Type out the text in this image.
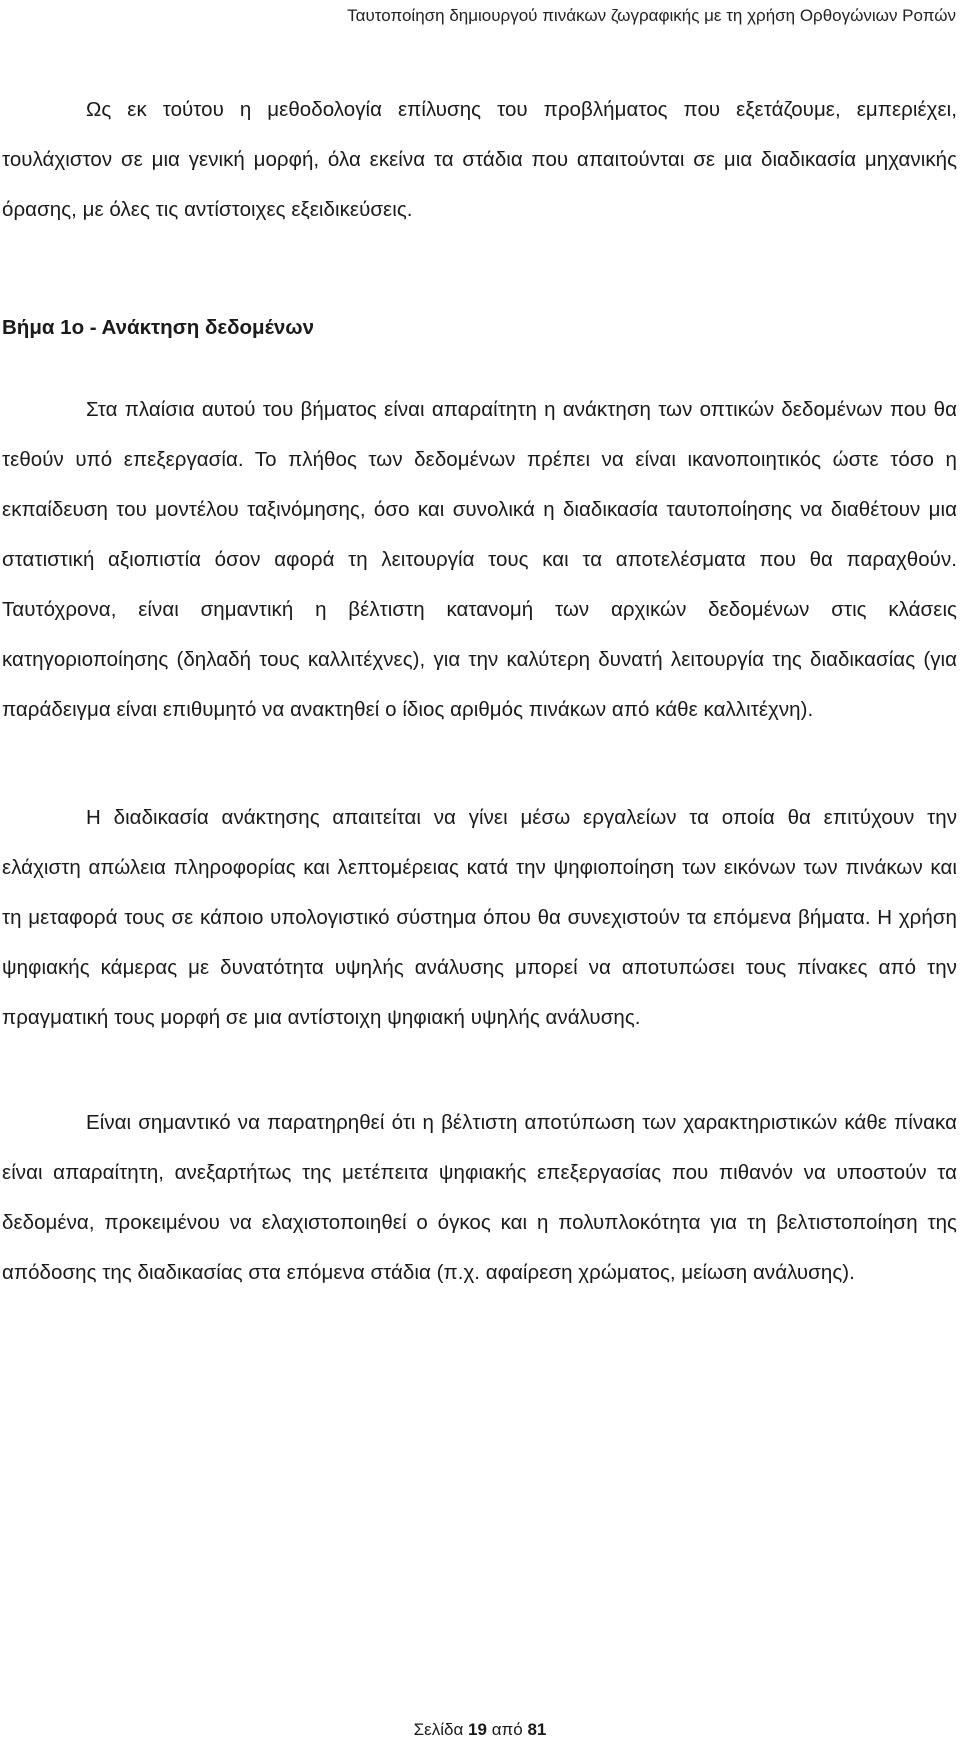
Ταυτοποίηση δημιουργού πινάκων ζωγραφικής με τη χρήση Ορθογώνιων Ροπών

Ως εκ τούτου η μεθοδολογία επίλυσης του προβλήματος που εξετάζουμε, εμπεριέχει, τουλάχιστον σε μια γενική μορφή, όλα εκείνα τα στάδια που απαιτούνται σε μια διαδικασία μηχανικής όρασης, με όλες τις αντίστοιχες εξειδικεύσεις.

Βήμα 1ο - Ανάκτηση δεδομένων

Στα πλαίσια αυτού του βήματος είναι απαραίτητη η ανάκτηση των οπτικών δεδομένων που θα τεθούν υπό επεξεργασία. Το πλήθος των δεδομένων πρέπει να είναι ικανοποιητικός ώστε τόσο η εκπαίδευση του μοντέλου ταξινόμησης, όσο και συνολικά η διαδικασία ταυτοποίησης να διαθέτουν μια στατιστική αξιοπιστία όσον αφορά τη λειτουργία τους και τα αποτελέσματα που θα παραχθούν. Ταυτόχρονα, είναι σημαντική η βέλτιστη κατανομή των αρχικών δεδομένων στις κλάσεις κατηγοριοποίησης (δηλαδή τους καλλιτέχνες), για την καλύτερη δυνατή λειτουργία της διαδικασίας (για παράδειγμα είναι επιθυμητό να ανακτηθεί ο ίδιος αριθμός πινάκων από κάθε καλλιτέχνη).

Η διαδικασία ανάκτησης απαιτείται να γίνει μέσω εργαλείων τα οποία θα επιτύχουν την ελάχιστη απώλεια πληροφορίας και λεπτομέρειας κατά την ψηφιοποίηση των εικόνων των πινάκων και τη μεταφορά τους σε κάποιο υπολογιστικό σύστημα όπου θα συνεχιστούν τα επόμενα βήματα. Η χρήση ψηφιακής κάμερας με δυνατότητα υψηλής ανάλυσης μπορεί να αποτυπώσει τους πίνακες από την πραγματική τους μορφή σε μια αντίστοιχη ψηφιακή υψηλής ανάλυσης.

Είναι σημαντικό να παρατηρηθεί ότι η βέλτιστη αποτύπωση των χαρακτηριστικών κάθε πίνακα είναι απαραίτητη, ανεξαρτήτως της μετέπειτα ψηφιακής επεξεργασίας που πιθανόν να υποστούν τα δεδομένα, προκειμένου να ελαχιστοποιηθεί ο όγκος και η πολυπλοκότητα για τη βελτιστοποίηση της απόδοσης της διαδικασίας στα επόμενα στάδια (π.χ. αφαίρεση χρώματος, μείωση ανάλυσης).

Σελίδα 19 από 81
